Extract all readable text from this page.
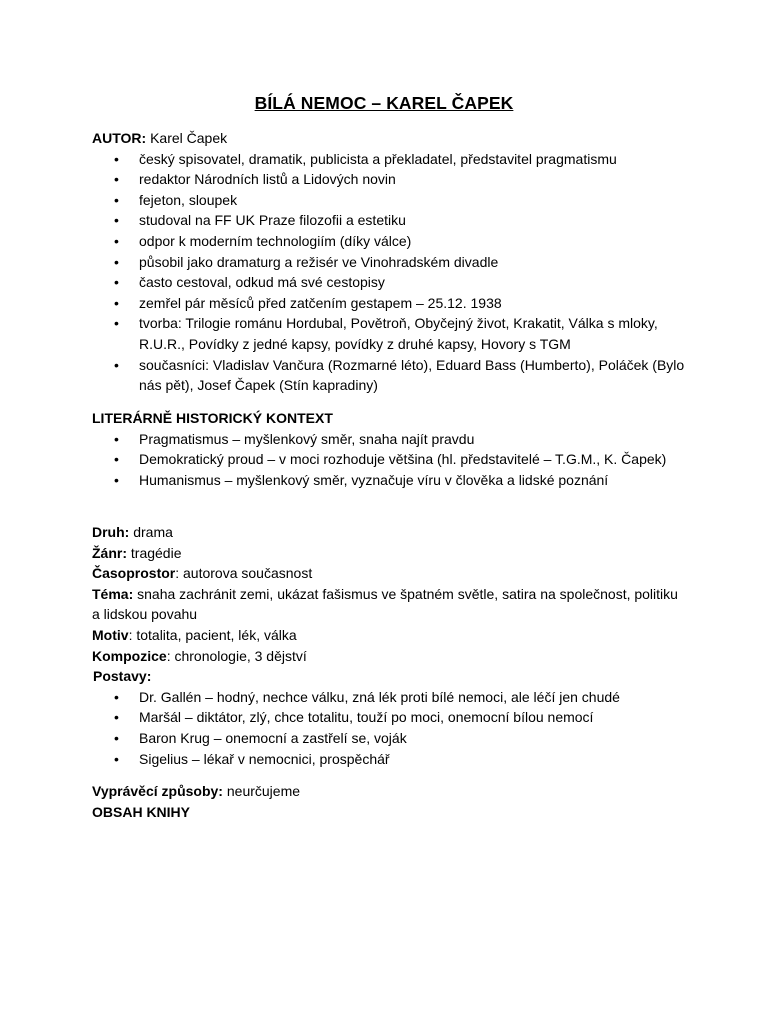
BÍLÁ NEMOC – KAREL ČAPEK
AUTOR: Karel Čapek
• český spisovatel, dramatik, publicista a překladatel, představitel pragmatismu
• redaktor Národních listů a Lidových novin
• fejeton, sloupek
• studoval na FF UK Praze filozofii a estetiku
• odpor k moderním technologiím (díky válce)
• působil jako dramaturg a režisér ve Vinohradském divadle
• často cestoval, odkud má své cestopisy
• zemřel pár měsíců před zatčením gestapem – 25.12. 1938
• tvorba: Trilogie románu Hordubal, Povětroň, Obyčejný život, Krakatit, Válka s mloky, R.U.R., Povídky z jedné kapsy, povídky z druhé kapsy, Hovory s TGM
• současníci: Vladislav Vančura (Rozmarné léto), Eduard Bass (Humberto), Poláček (Bylo nás pět), Josef Čapek (Stín kapradiny)
LITERÁRNĚ HISTORICKÝ KONTEXT
• Pragmatismus – myšlenkový směr, snaha najít pravdu
• Demokratický proud – v moci rozhoduje většina (hl. představitelé – T.G.M., K. Čapek)
• Humanismus – myšlenkový směr, vyznačuje víru v člověka a lidské poznání
Druh: drama
Žánr: tragédie
Časoprostor: autorova současnost
Téma: snaha zachránit zemi, ukázat fašismus ve špatném světle, satira na společnost, politiku a lidskou povahu
Motiv: totalita, pacient, lék, válka
Kompozice: chronologie, 3 dějství
Postavy:
• Dr. Gallén – hodný, nechce válku, zná lék proti bílé nemoci, ale léčí jen chudé
• Maršál – diktátor, zlý, chce totalitu, touží po moci, onemocní bílou nemocí
• Baron Krug – onemocní a zastřelí se, voják
• Sigelius – lékař v nemocnici, prospěchář
Vyprávěcí způsoby: neurčujeme
OBSAH KNIHY
